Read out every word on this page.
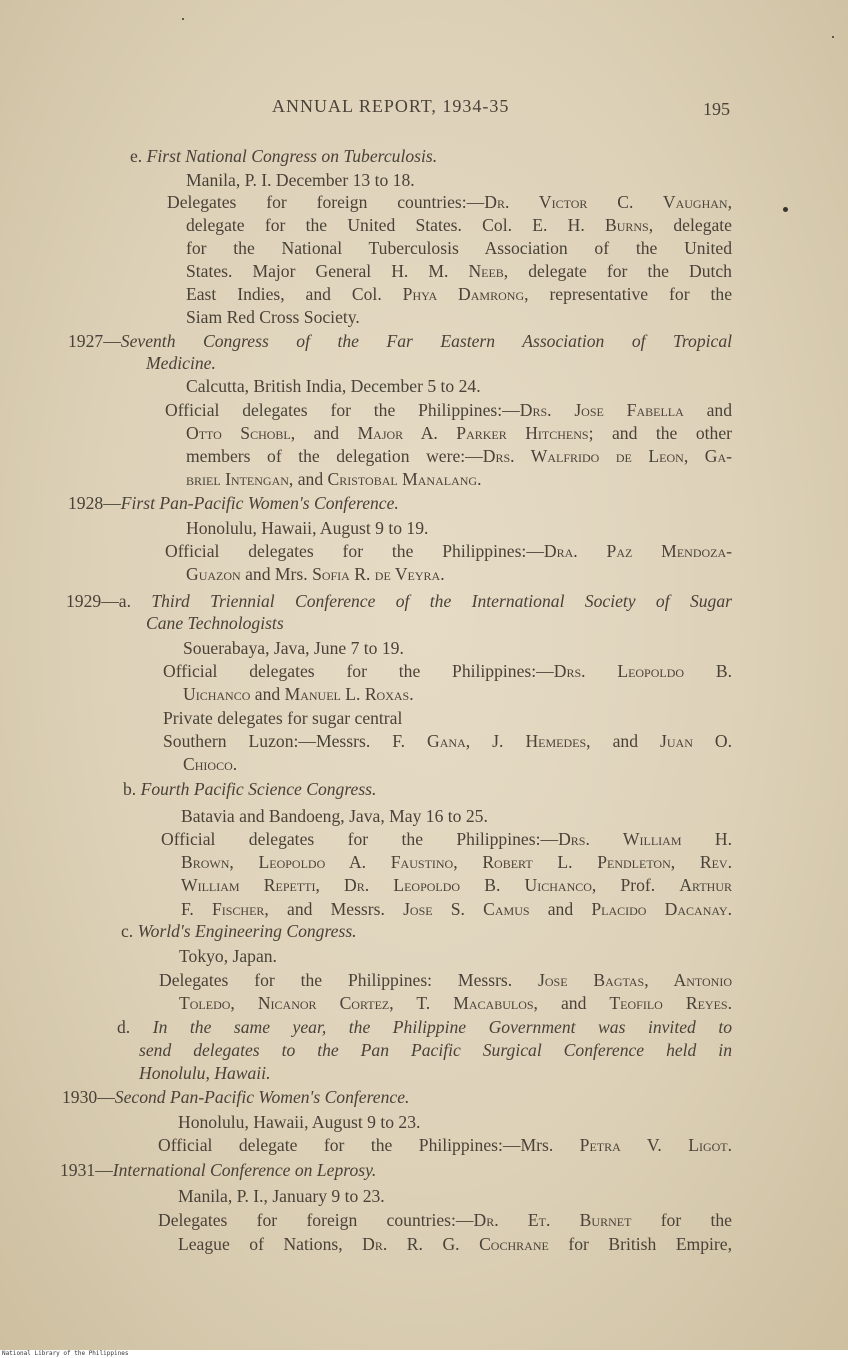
ANNUAL REPORT, 1934-35	195
e. First National Congress on Tuberculosis.
Manila, P. I. December 13 to 18.
Delegates for foreign countries:—Dr. Victor C. Vaughan,
delegate for the United States. Col. E. H. Burns, delegate
for the National Tuberculosis Association of the United
States. Major General H. M. Neeb, delegate for the Dutch
East Indies, and Col. Phya Damrong, representative for the
Siam Red Cross Society.
1927—Seventh Congress of the Far Eastern Association of Tropical
Medicine.
Calcutta, British India, December 5 to 24.
Official delegates for the Philippines:—Drs. Jose Fabella and
Otto Schobl, and Major A. Parker Hitchens; and the other
members of the delegation were:—Drs. Walfrido de Leon, Ga-
briel Intengan, and Cristobal Manalang.
1928—First Pan-Pacific Women's Conference.
Honolulu, Hawaii, August 9 to 19.
Official delegates for the Philippines:—Dra. Paz Mendoza-
Guazon and Mrs. Sofia R. de Veyra.
1929—a. Third Triennial Conference of the International Society of Sugar
Cane Technologists
Souerabaya, Java, June 7 to 19.
Official delegates for the Philippines:—Drs. Leopoldo B.
Uichanco and Manuel L. Roxas.
Private delegates for sugar central
Southern Luzon:—Messrs. F. Gana, J. Hemedes, and Juan O.
Chioco.
b. Fourth Pacific Science Congress.
Batavia and Bandoeng, Java, May 16 to 25.
Official delegates for the Philippines:—Drs. William H.
Brown, Leopoldo A. Faustino, Robert L. Pendleton, Rev.
William Repetti, Dr. Leopoldo B. Uichanco, Prof. Arthur
F. Fischer, and Messrs. Jose S. Camus and Placido Dacanay.
c. World's Engineering Congress.
Tokyo, Japan.
Delegates for the Philippines: Messrs. Jose Bagtas, Antonio
Toledo, Nicanor Cortez, T. Macabulos, and Teofilo Reyes.
d. In the same year, the Philippine Government was invited to
send delegates to the Pan Pacific Surgical Conference held in
Honolulu, Hawaii.
1930—Second Pan-Pacific Women's Conference.
Honolulu, Hawaii, August 9 to 23.
Official delegate for the Philippines:—Mrs. Petra V. Ligot.
1931—International Conference on Leprosy.
Manila, P. I., January 9 to 23.
Delegates for foreign countries:—Dr. Et. Burnet for the
League of Nations, Dr. R. G. Cochrane for British Empire,
National Library of the Philippines
